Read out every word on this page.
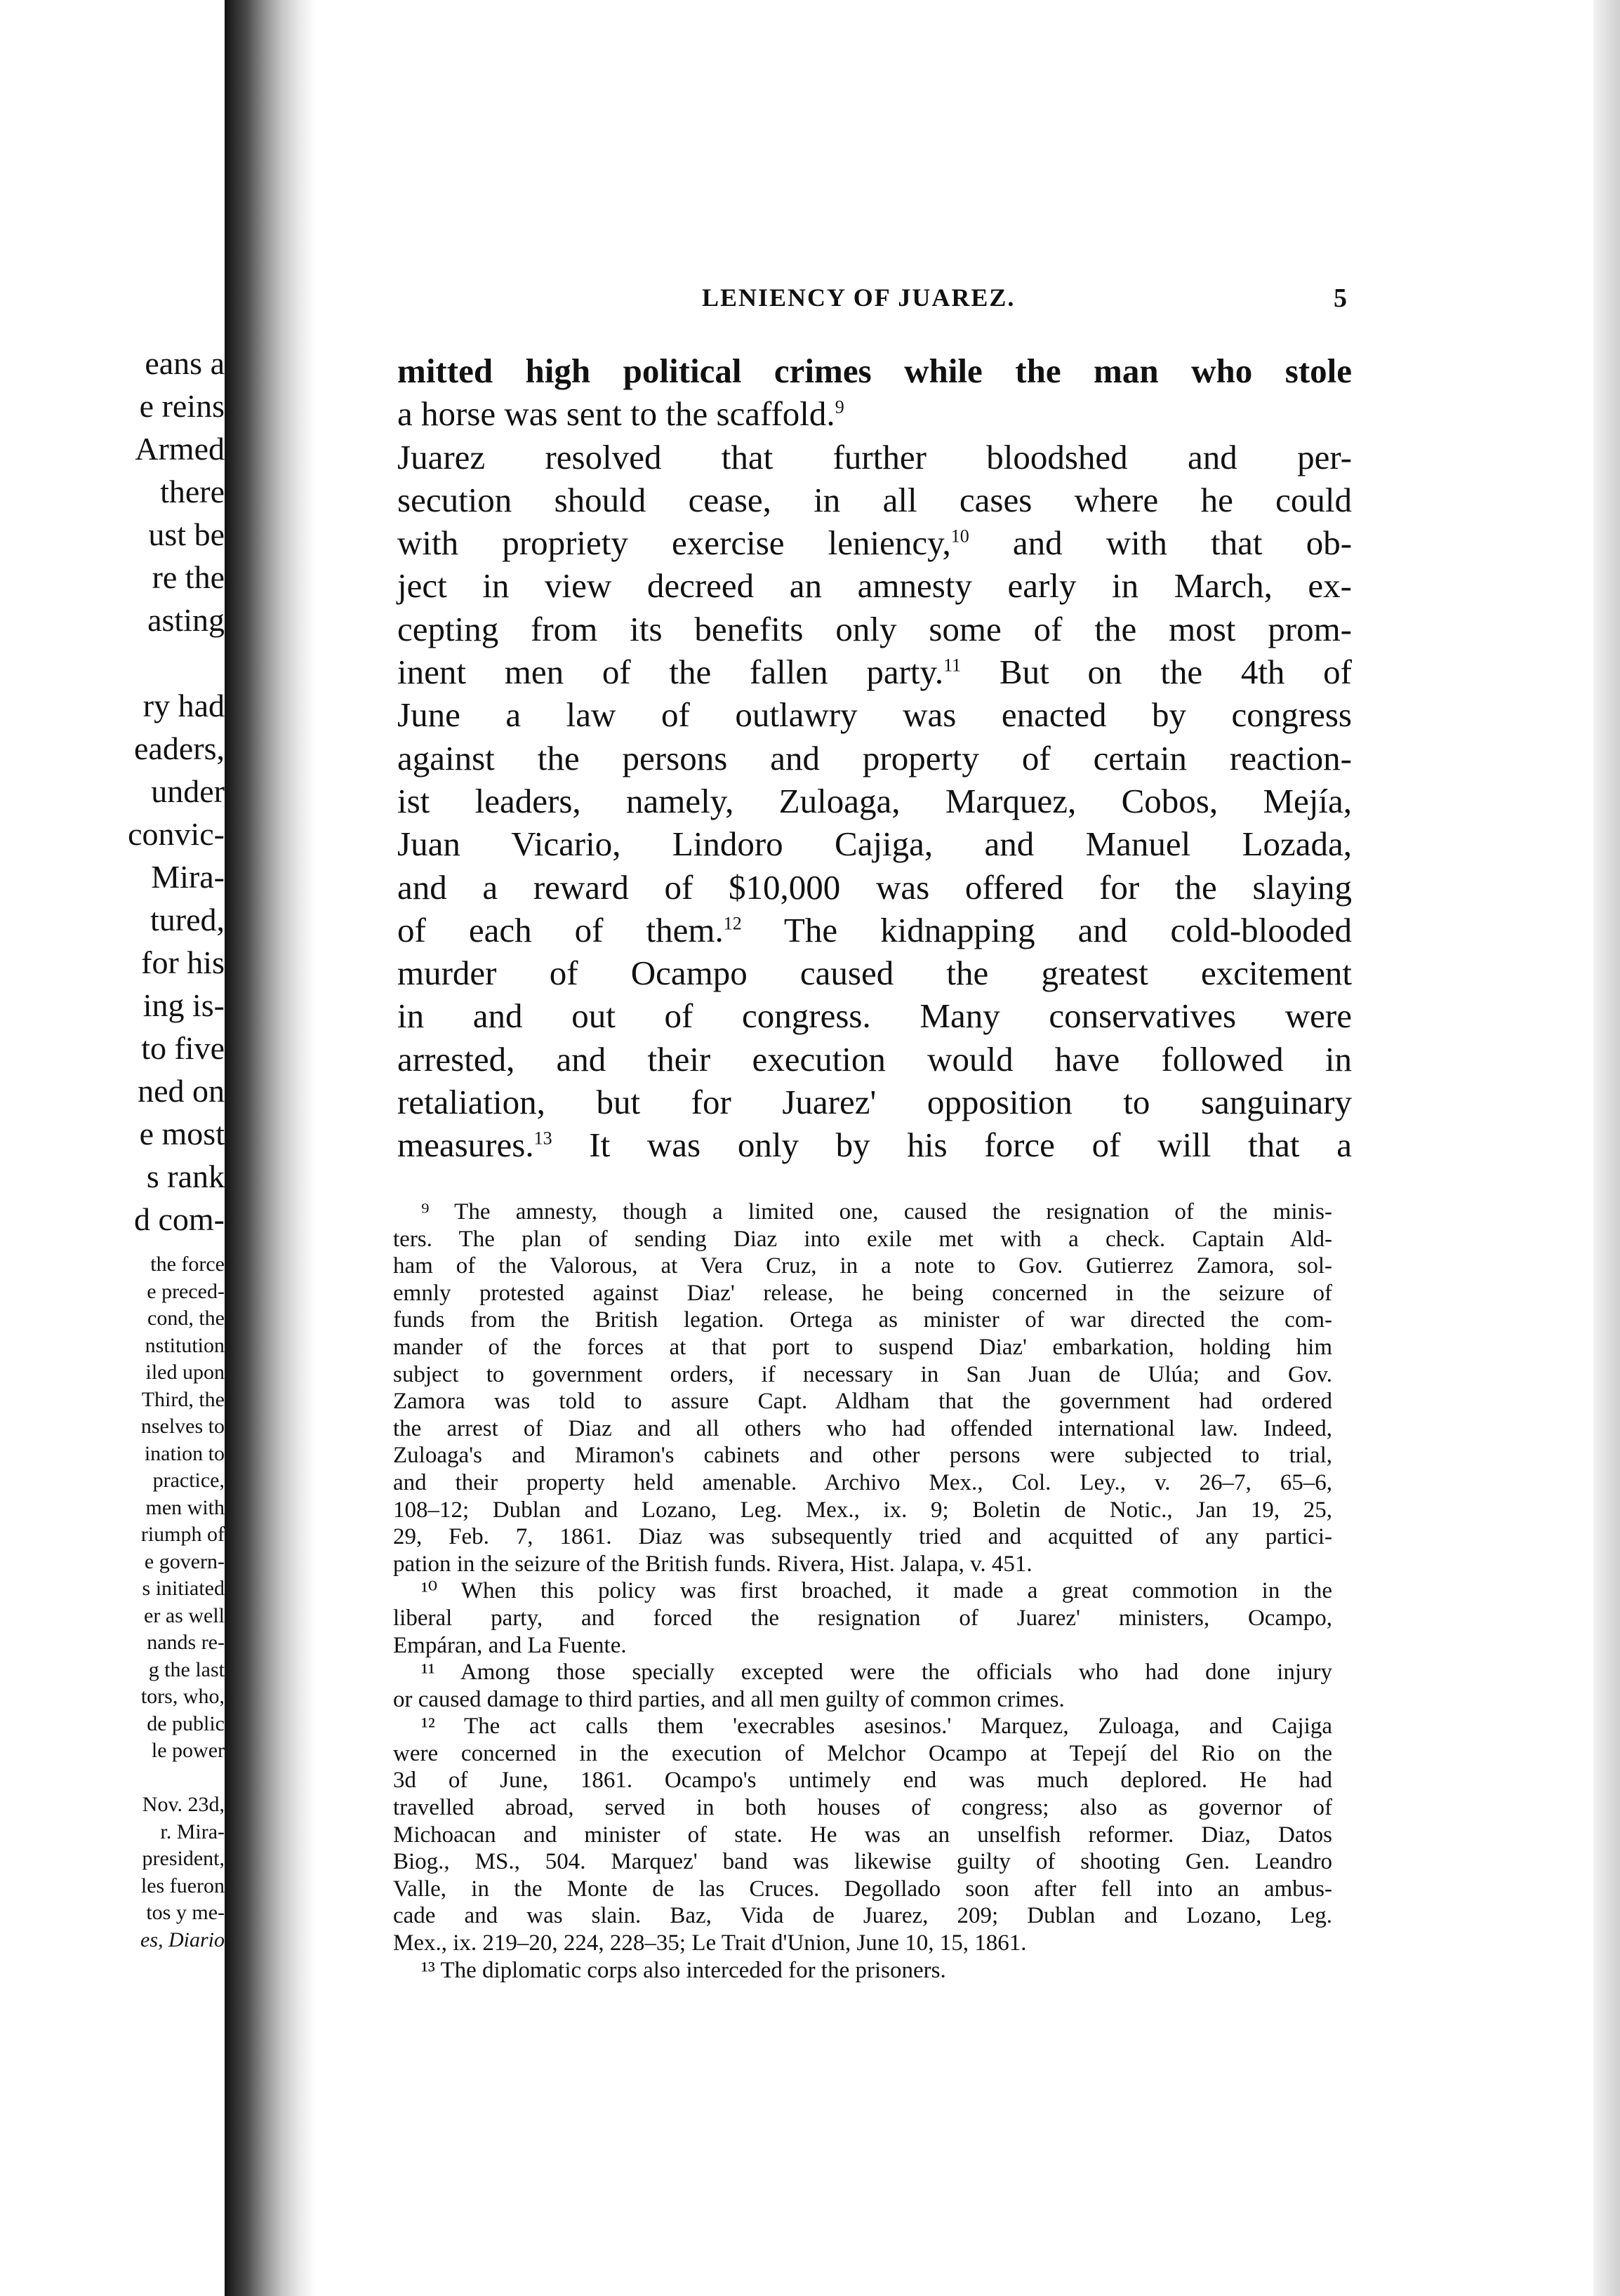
eans a
e reins
Armed
there
ust be
re the
asting
ry had
eaders,
under
convic-
Mira-
tured,
for his
ing is-
to five
ned on
e most
s rank
d com-
the force
e preced-
cond, the
nstitution
iled upon
Third, the
nselves to
ination to
practice,
men with
riumph of
e govern-
s initiated
er as well
nands re-
g the last
tors, who,
de public
le power
Nov. 23d,
r. Mira-
president,
les fueron
tos y me-
es, Diario
LENIENCY OF JUAREZ.	5
mitted high political crimes while the man who stole
a horse was sent to the scaffold.$^9$
Juarez resolved that further bloodshed and per-
secution should cease, in all cases where he could
with propriety exercise leniency,$^{10}$ and with that ob-
ject in view decreed an amnesty early in March, ex-
cepting from its benefits only some of the most prom-
inent men of the fallen party.$^{11}$ But on the 4th of
June a law of outlawry was enacted by congress
against the persons and property of certain reaction-
ist leaders, namely, Zuloaga, Marquez, Cobos, Mejía,
Juan Vicario, Lindoro Cajiga, and Manuel Lozada,
and a reward of $10,000 was offered for the slaying
of each of them.$^{12}$ The kidnapping and cold-blooded
murder of Ocampo caused the greatest excitement
in and out of congress. Many conservatives were
arrested, and their execution would have followed in
retaliation, but for Juarez' opposition to sanguinary
measures.$^{13}$ It was only by his force of will that a
⁹ The amnesty, though a limited one, caused the resignation of the minis-
ters. The plan of sending Diaz into exile met with a check. Captain Ald-
ham of the Valorous, at Vera Cruz, in a note to Gov. Gutierrez Zamora, sol-
emnly protested against Diaz' release, he being concerned in the seizure of
funds from the British legation. Ortega as minister of war directed the com-
mander of the forces at that port to suspend Diaz' embarkation, holding him
subject to government orders, if necessary in San Juan de Ulúa; and Gov.
Zamora was told to assure Capt. Aldham that the government had ordered
the arrest of Diaz and all others who had offended international law. Indeed,
Zuloaga's and Miramon's cabinets and other persons were subjected to trial,
and their property held amenable. Archivo Mex., Col. Ley., v. 26–7, 65–6,
108–12; Dublan and Lozano, Leg. Mex., ix. 9; Boletin de Notic., Jan 19, 25,
29, Feb. 7, 1861. Diaz was subsequently tried and acquitted of any partici-
pation in the seizure of the British funds. Rivera, Hist. Jalapa, v. 451.
¹⁰ When this policy was first broached, it made a great commotion in the
liberal party, and forced the resignation of Juarez' ministers, Ocampo,
Empáran, and La Fuente.
¹¹ Among those specially excepted were the officials who had done injury
or caused damage to third parties, and all men guilty of common crimes.
¹² The act calls them 'execrables asesinos.' Marquez, Zuloaga, and Cajiga
were concerned in the execution of Melchor Ocampo at Tepejí del Rio on the
3d of June, 1861. Ocampo's untimely end was much deplored. He had
travelled abroad, served in both houses of congress; also as governor of
Michoacan and minister of state. He was an unselfish reformer. Diaz, Datos
Biog., MS., 504. Marquez' band was likewise guilty of shooting Gen. Leandro
Valle, in the Monte de las Cruces. Degollado soon after fell into an ambus-
cade and was slain. Baz, Vida de Juarez, 209; Dublan and Lozano, Leg.
Mex., ix. 219–20, 224, 228–35; Le Trait d'Union, June 10, 15, 1861.
¹³ The diplomatic corps also interceded for the prisoners.
